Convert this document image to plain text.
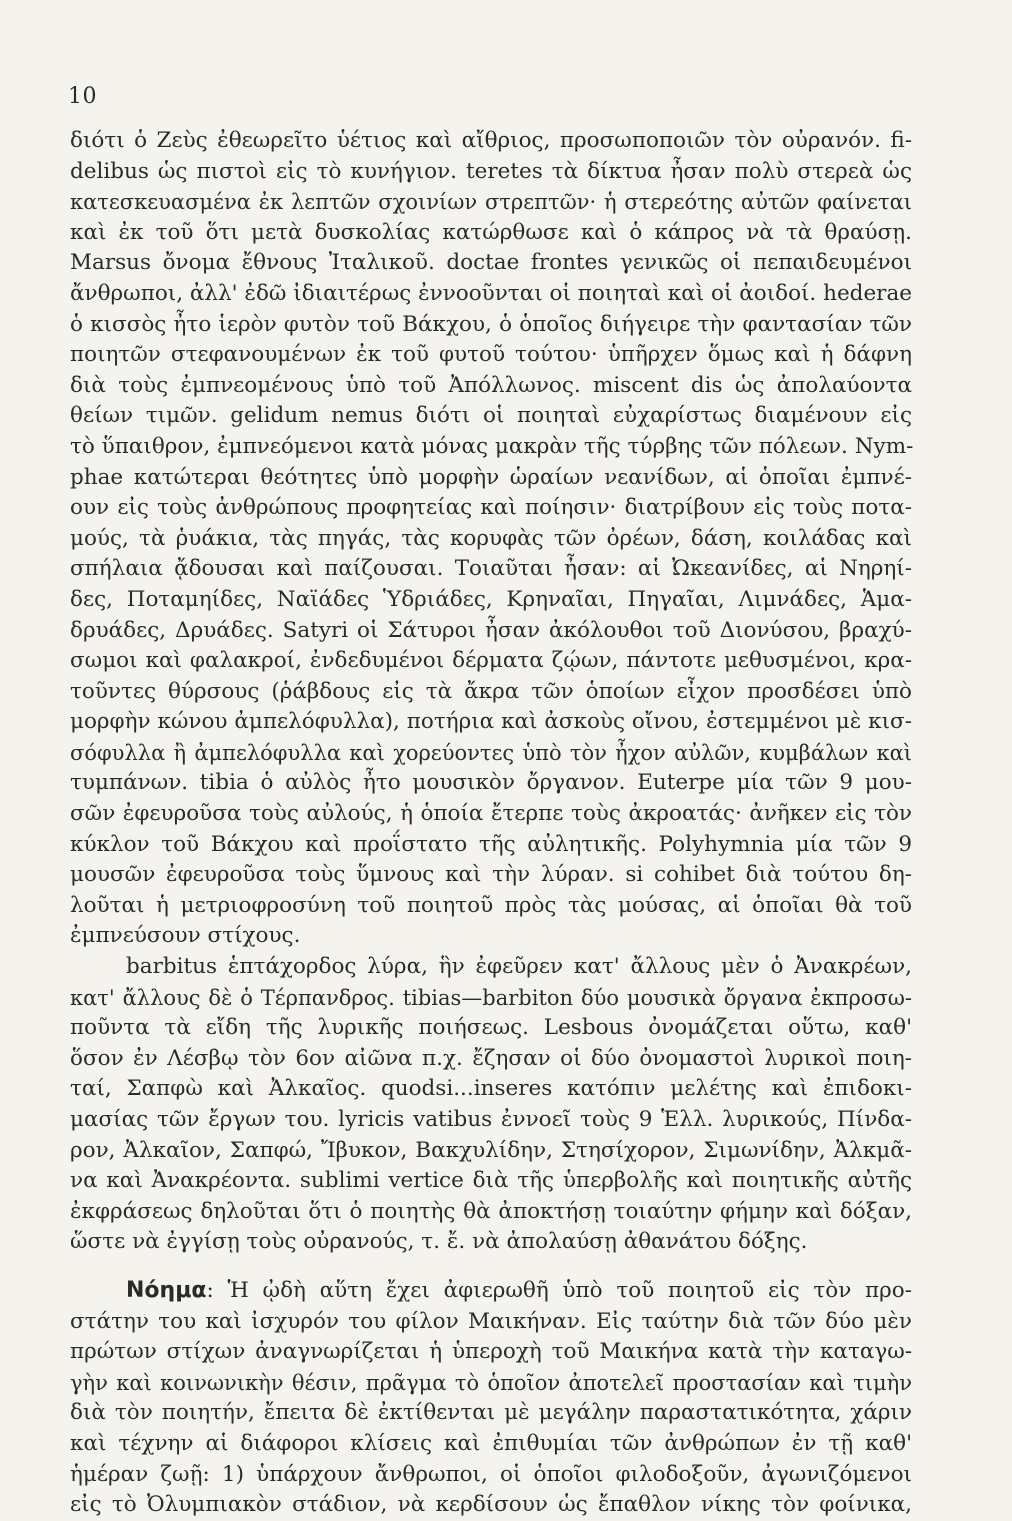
10
διότι ὁ Ζεὺς ἐθεωρεῖτο ὑέτιος καὶ αἴθριος, προσωποποιῶν τὸν οὐρανόν. fi-
delibus ὡς πιστοὶ εἰς τὸ κυνήγιον. teretes τὰ δίκτυα ἦσαν πολὺ στερεὰ ὡς
κατεσκευασμένα ἐκ λεπτῶν σχοινίων στρεπτῶν· ἡ στερεότης αὐτῶν φαίνεται
καὶ ἐκ τοῦ ὅτι μετὰ δυσκολίας κατώρθωσε καὶ ὁ κάπρος νὰ τὰ θραύσῃ.
Marsus ὄνομα ἔθνους Ἰταλικοῦ. doctae frontes γενικῶς οἱ πεπαιδευμένοι
ἄνθρωποι, ἀλλ' ἐδῶ ἰδιαιτέρως ἐννοοῦνται οἱ ποιηταὶ καὶ οἱ ἀοιδοί. hederae
ὁ κισσὸς ἦτο ἱερὸν φυτὸν τοῦ Βάκχου, ὁ ὁποῖος διήγειρε τὴν φαντασίαν τῶν
ποιητῶν στεφανουμένων ἐκ τοῦ φυτοῦ τούτου· ὑπῆρχεν ὅμως καὶ ἡ δάφνη
διὰ τοὺς ἐμπνεομένους ὑπὸ τοῦ Ἀπόλλωνος. miscent dis ὡς ἀπολαύοντα
θείων τιμῶν. gelidum nemus διότι οἱ ποιηταὶ εὐχαρίστως διαμένουν εἰς
τὸ ὕπαιθρον, ἐμπνεόμενοι κατὰ μόνας μακρὰν τῆς τύρβης τῶν πόλεων. Nym-
phae κατώτεραι θεότητες ὑπὸ μορφὴν ὡραίων νεανίδων, αἱ ὁποῖαι ἐμπνέ-
ουν εἰς τοὺς ἀνθρώπους προφητείας καὶ ποίησιν· διατρίβουν εἰς τοὺς ποτα-
μούς, τὰ ῥυάκια, τὰς πηγάς, τὰς κορυφὰς τῶν ὀρέων, δάση, κοιλάδας καὶ
σπήλαια ᾄδουσαι καὶ παίζουσαι. Τοιαῦται ἦσαν: αἱ Ὠκεανίδες, αἱ Νηρηί-
δες, Ποταμηίδες, Ναϊάδες Ὑδριάδες, Κρηναῖαι, Πηγαῖαι, Λιμνάδες, Ἁμα-
δρυάδες, Δρυάδες. Satyri οἱ Σάτυροι ἦσαν ἀκόλουθοι τοῦ Διονύσου, βραχύ-
σωμοι καὶ φαλακροί, ἐνδεδυμένοι δέρματα ζῴων, πάντοτε μεθυσμένοι, κρα-
τοῦντες θύρσους (ῥάβδους εἰς τὰ ἄκρα τῶν ὁποίων εἶχον προσδέσει ὑπὸ
μορφὴν κώνου ἀμπελόφυλλα), ποτήρια καὶ ἀσκοὺς οἴνου, ἐστεμμένοι μὲ κισ-
σόφυλλα ἢ ἀμπελόφυλλα καὶ χορεύοντες ὑπὸ τὸν ἦχον αὐλῶν, κυμβάλων καὶ
τυμπάνων. tibia ὁ αὐλὸς ἦτο μουσικὸν ὄργανον. Euterpe μία τῶν 9 μου-
σῶν ἐφευροῦσα τοὺς αὐλούς, ἡ ὁποία ἔτερπε τοὺς ἀκροατάς· ἀνῆκεν εἰς τὸν
κύκλον τοῦ Βάκχου καὶ προΐστατο τῆς αὐλητικῆς. Polyhymnia μία τῶν 9
μουσῶν ἐφευροῦσα τοὺς ὕμνους καὶ τὴν λύραν. si cohibet διὰ τούτου δη-
λοῦται ἡ μετριοφροσύνη τοῦ ποιητοῦ πρὸς τὰς μούσας, αἱ ὁποῖαι θὰ τοῦ
ἐμπνεύσουν στίχους.
barbitus ἑπτάχορδος λύρα, ἣν ἐφεῦρεν κατ' ἄλλους μὲν ὁ Ἀνακρέων,
κατ' ἄλλους δὲ ὁ Τέρπανδρος. tibias—barbiton δύο μουσικὰ ὄργανα ἐκπροσω-
ποῦντα τὰ εἴδη τῆς λυρικῆς ποιήσεως. Lesbous ὀνομάζεται οὕτω, καθ'
ὅσον ἐν Λέσβῳ τὸν 6ον αἰῶνα π.χ. ἔζησαν οἱ δύο ὀνομαστοὶ λυρικοὶ ποιη-
ταί, Σαπφὼ καὶ Ἀλκαῖος. quodsi...inseres κατόπιν μελέτης καὶ ἐπιδοκι-
μασίας τῶν ἔργων του. lyricis vatibus ἐννοεῖ τοὺς 9 Ἑλλ. λυρικούς, Πίνδα-
ρον, Ἀλκαῖον, Σαπφώ, Ἴβυκον, Βακχυλίδην, Στησίχορον, Σιμωνίδην, Ἀλκμᾶ-
να καὶ Ἀνακρέοντα. sublimi vertice διὰ τῆς ὑπερβολῆς καὶ ποιητικῆς αὐτῆς
ἐκφράσεως δηλοῦται ὅτι ὁ ποιητὴς θὰ ἀποκτήσῃ τοιαύτην φήμην καὶ δόξαν,
ὥστε νὰ ἐγγίσῃ τοὺς οὐρανούς, τ. ἔ. νὰ ἀπολαύσῃ ἀθανάτου δόξης.
Νόημα: Ἡ ᾠδὴ αὕτη ἔχει ἀφιερωθῆ ὑπὸ τοῦ ποιητοῦ εἰς τὸν προ-
στάτην του καὶ ἰσχυρόν του φίλον Μαικήναν. Εἰς ταύτην διὰ τῶν δύο μὲν
πρώτων στίχων ἀναγνωρίζεται ἡ ὑπεροχὴ τοῦ Μαικήνα κατὰ τὴν καταγω-
γὴν καὶ κοινωνικὴν θέσιν, πρᾶγμα τὸ ὁποῖον ἀποτελεῖ προστασίαν καὶ τιμὴν
διὰ τὸν ποιητήν, ἔπειτα δὲ ἐκτίθενται μὲ μεγάλην παραστατικότητα, χάριν
καὶ τέχνην αἱ διάφοροι κλίσεις καὶ ἐπιθυμίαι τῶν ἀνθρώπων ἐν τῇ καθ'
ἡμέραν ζωῇ: 1) ὑπάρχουν ἄνθρωποι, οἱ ὁποῖοι φιλοδοξοῦν, ἀγωνιζόμενοι
εἰς τὸ Ὀλυμπιακὸν στάδιον, νὰ κερδίσουν ὡς ἔπαθλον νίκης τὸν φοίνικα,
